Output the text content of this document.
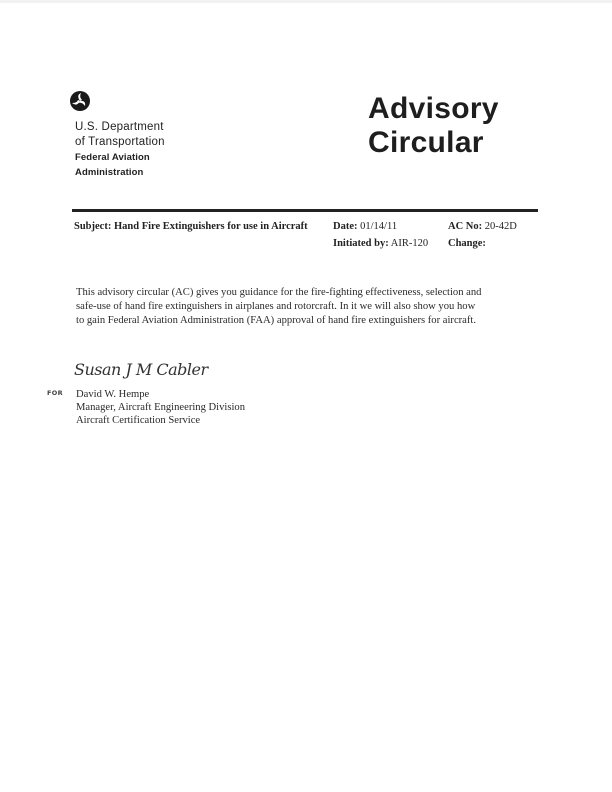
U.S. Department
of Transportation
Federal Aviation
Administration
Advisory
Circular
Subject: Hand Fire Extinguishers for use in Aircraft Date: 01/14/11
Initiated by: AIR-120
AC No: 20-42D
Change:
This advisory circular (AC) gives you guidance for the fire-fighting effectiveness, selection and
safe-use of hand fire extinguishers in airplanes and rotorcraft. In it we will also show you how
to gain Federal Aviation Administration (FAA) approval of hand fire extinguishers for aircraft.
Susan J M Cabler
FOR David W. Hempe
Manager, Aircraft Engineering Division
Aircraft Certification Service
